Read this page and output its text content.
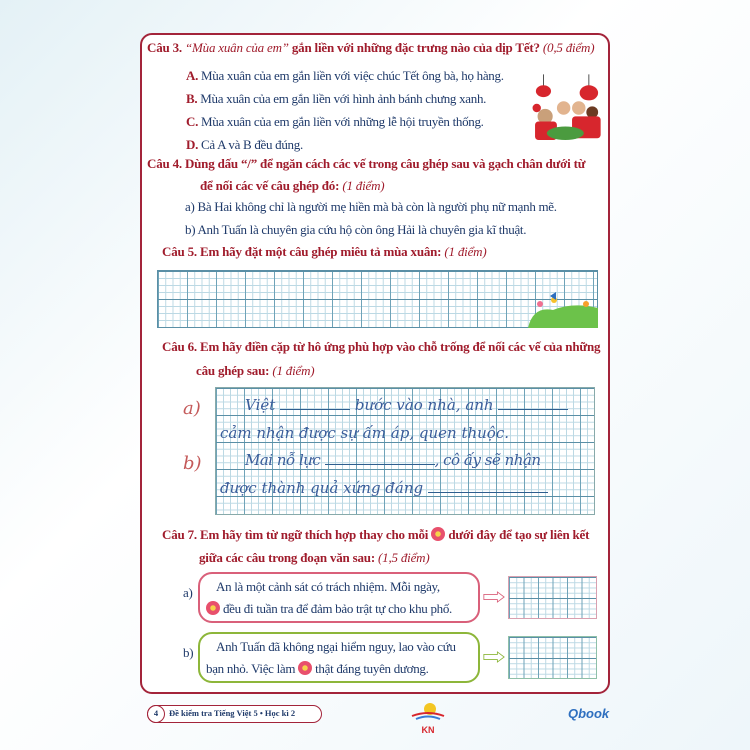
Câu 3. “Mùa xuân của em” gắn liền với những đặc trưng nào của dịp Tết? (0,5 điểm)
A. Mùa xuân của em gắn liền với việc chúc Tết ông bà, họ hàng.
B. Mùa xuân của em gắn liền với hình ảnh bánh chưng xanh.
C. Mùa xuân của em gắn liền với những lễ hội truyền thống.
D. Cả A và B đều đúng.
Câu 4. Dùng dấu “/” để ngăn cách các vế trong câu ghép sau và gạch chân dưới từ
để nối các vế câu ghép đó: (1 điểm)
a) Bà Hai không chỉ là người mẹ hiền mà bà còn là người phụ nữ mạnh mẽ.
b) Anh Tuấn là chuyên gia cứu hộ còn ông Hải là chuyên gia kĩ thuật.
Câu 5. Em hãy đặt một câu ghép miêu tả mùa xuân: (1 điểm)
Câu 6. Em hãy điền cặp từ hô ứng phù hợp vào chỗ trống để nối các vế của những
câu ghép sau: (1 điểm)
a)
b)
Việt	bước vào nhà, anh
cảm nhận được sự ấm áp, quen thuộc.
Mai nỗ lực	, cô ấy sẽ nhận
được thành quả xứng đáng
Câu 7. Em hãy tìm từ ngữ thích hợp thay cho mỗi dưới đây để tạo sự liên kết
giữa các câu trong đoạn văn sau: (1,5 điểm)
a)	An là một cảnh sát có trách nhiệm. Mỗi ngày,
đều đi tuần tra để đảm bảo trật tự cho khu phố.
b)	Anh Tuấn đã không ngại hiểm nguy, lao vào cứu
bạn nhỏ. Việc làm thật đáng tuyên dương.
4	Đề kiểm tra Tiếng Việt 5 • Học kì 2
KN
Qbook
